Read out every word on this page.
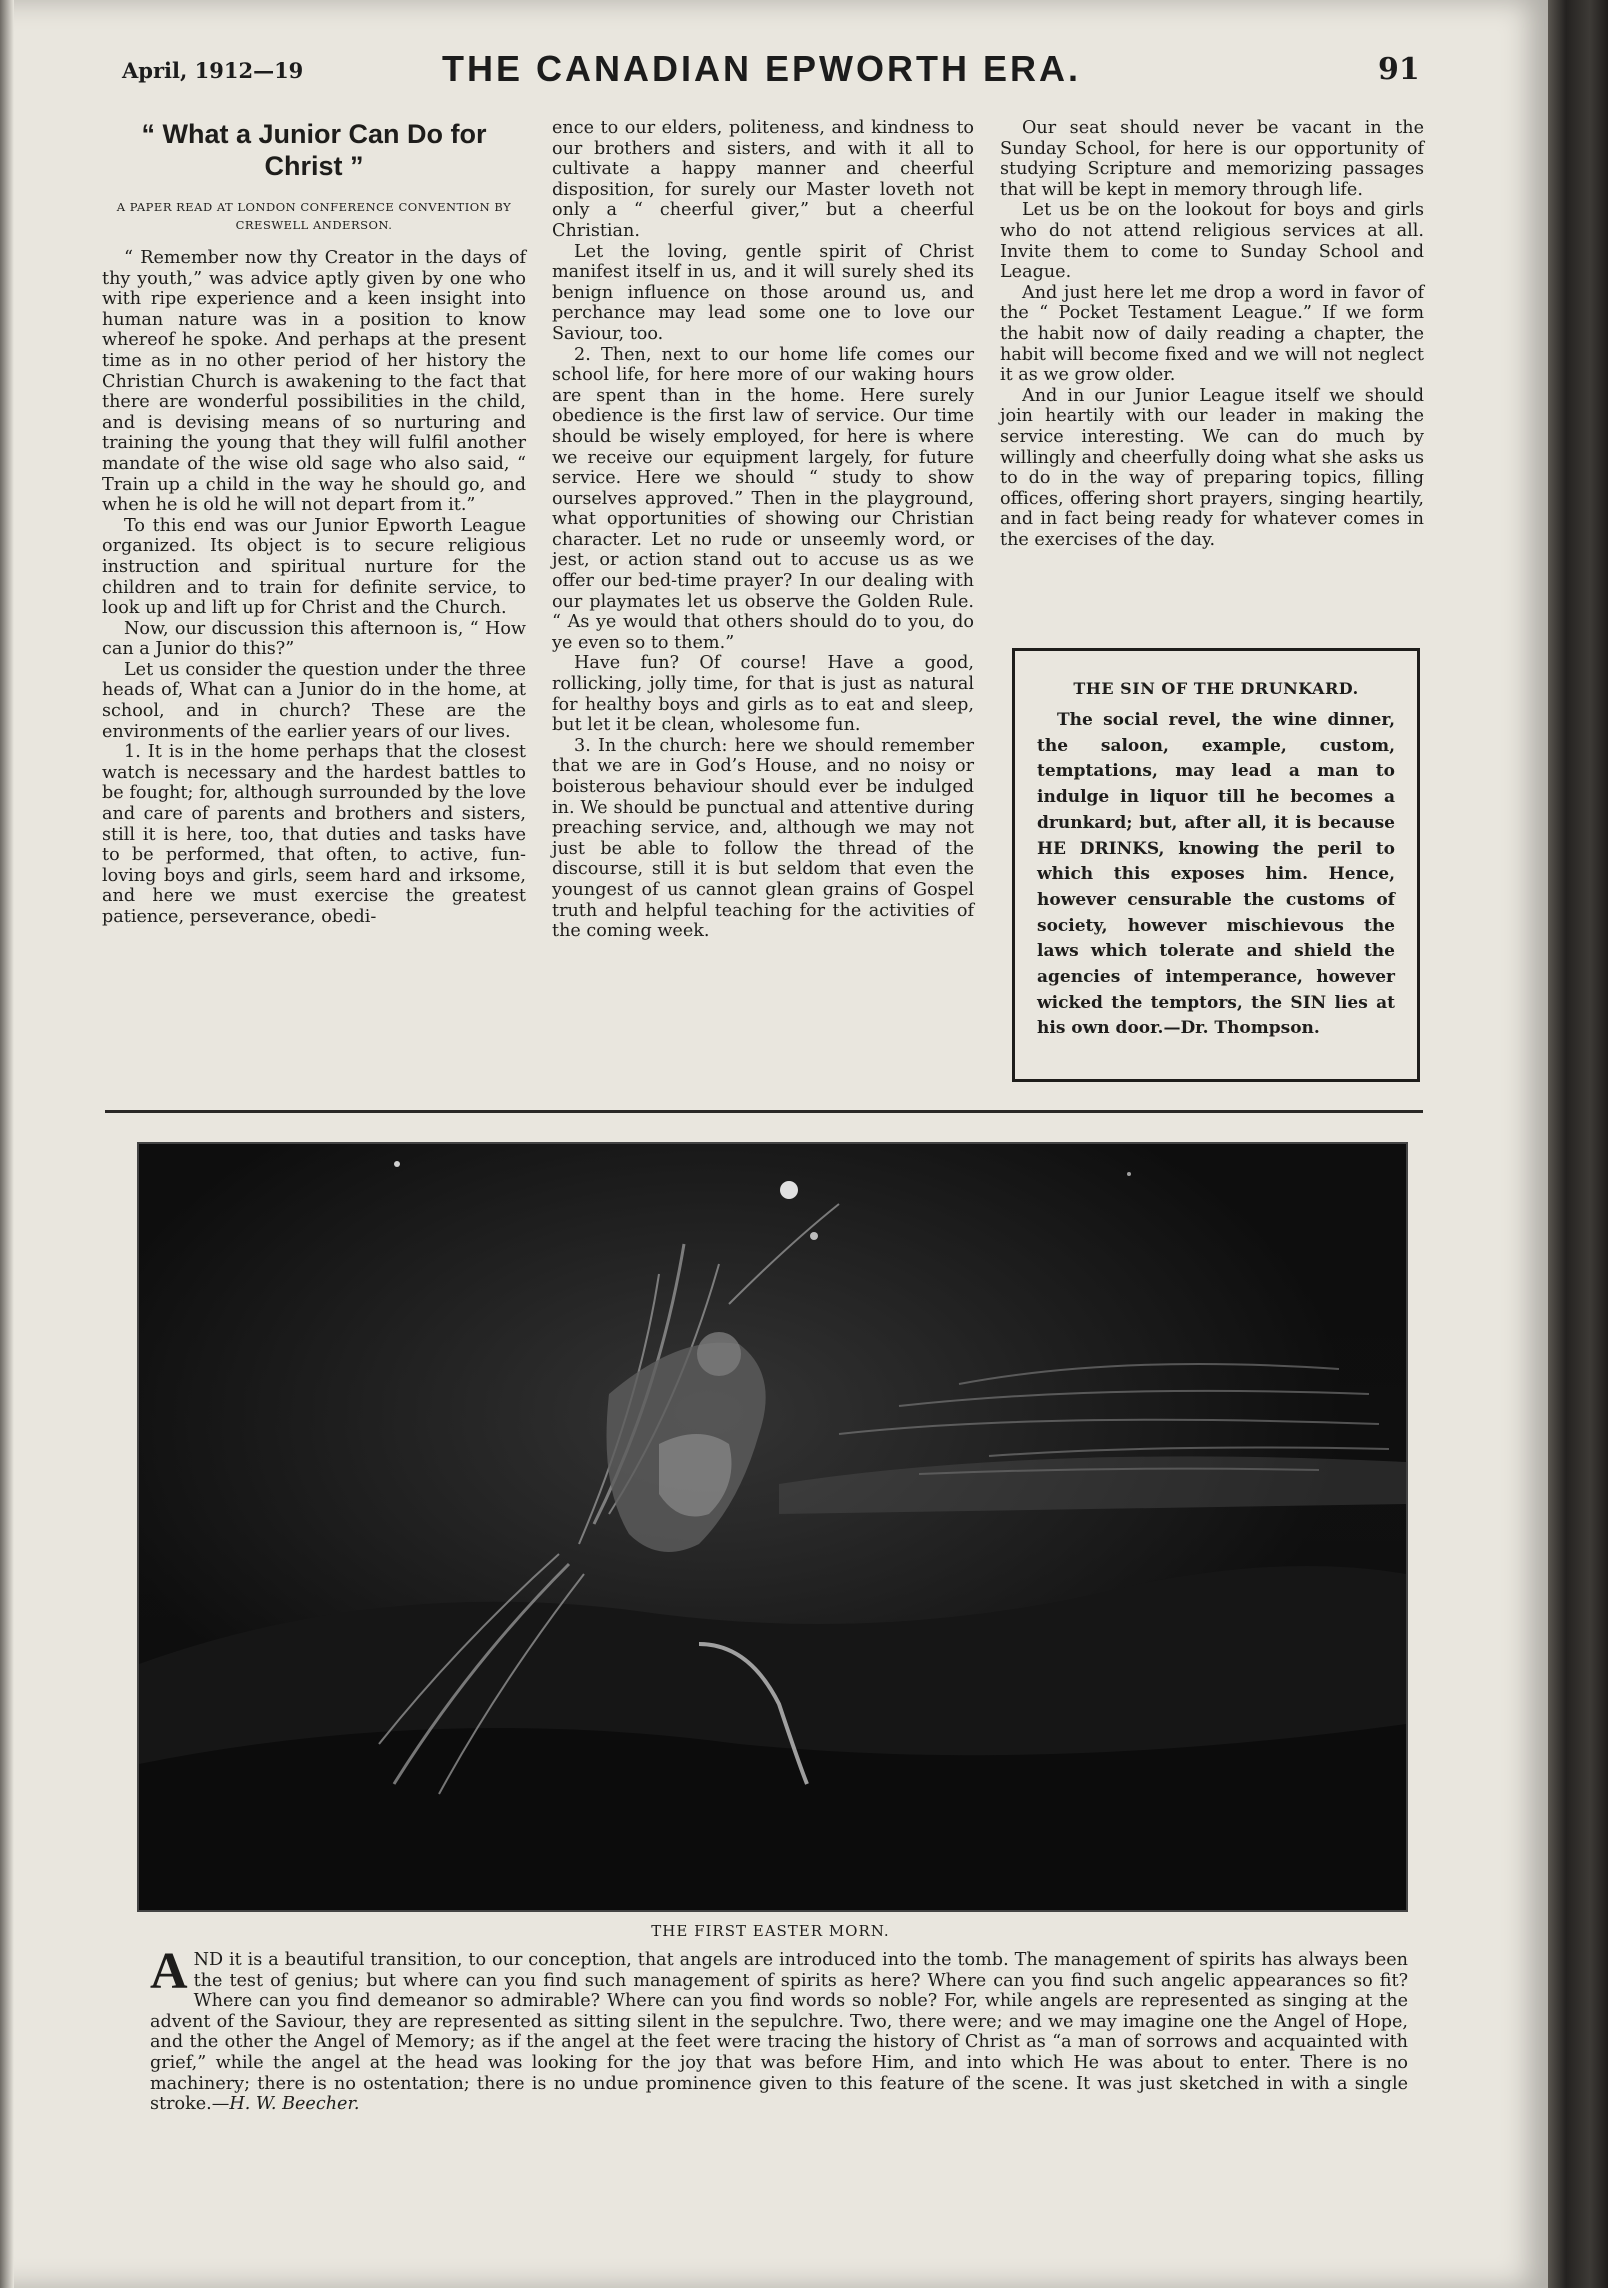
April, 1912—19	THE CANADIAN EPWORTH ERA.	91
“ What a Junior Can Do for Christ ”
A PAPER READ AT LONDON CONFERENCE CONVENTION BY CRESWELL ANDERSON.

“ Remember now thy Creator in the days of thy youth,” was advice aptly given by one who with ripe experience and a keen insight into human nature was in a position to know whereof he spoke. And perhaps at the present time as in no other period of her history the Christian Church is awakening to the fact that there are wonderful possibilities in the child, and is devising means of so nurturing and training the young that they will fulfil another mandate of the wise old sage who also said, “ Train up a child in the way he should go, and when he is old he will not depart from it.”

To this end was our Junior Epworth League organized. Its object is to secure religious instruction and spiritual nurture for the children and to train for definite service, to look up and lift up for Christ and the Church.

Now, our discussion this afternoon is, “ How can a Junior do this?”

Let us consider the question under the three heads of, What can a Junior do in the home, at school, and in church? These are the environments of the earlier years of our lives.

1. It is in the home perhaps that the closest watch is necessary and the hardest battles to be fought; for, although surrounded by the love and care of parents and brothers and sisters, still it is here, too, that duties and tasks have to be performed, that often, to active, fun-loving boys and girls, seem hard and irksome, and here we must exercise the greatest patience, perseverance, obedi-

ence to our elders, politeness, and kindness to our brothers and sisters, and with it all to cultivate a happy manner and cheerful disposition, for surely our Master loveth not only a “ cheerful giver,” but a cheerful Christian.

Let the loving, gentle spirit of Christ manifest itself in us, and it will surely shed its benign influence on those around us, and perchance may lead some one to love our Saviour, too.

2. Then, next to our home life comes our school life, for here more of our waking hours are spent than in the home. Here surely obedience is the first law of service. Our time should be wisely employed, for here is where we receive our equipment largely, for future service. Here we should “ study to show ourselves approved.” Then in the playground, what opportunities of showing our Christian character. Let no rude or unseemly word, or jest, or action stand out to accuse us as we offer our bed-time prayer? In our dealing with our playmates let us observe the Golden Rule. “ As ye would that others should do to you, do ye even so to them.”

Have fun? Of course! Have a good, rollicking, jolly time, for that is just as natural for healthy boys and girls as to eat and sleep, but let it be clean, wholesome fun.

3. In the church: here we should remember that we are in God’s House, and no noisy or boisterous behaviour should ever be indulged in. We should be punctual and attentive during preaching service, and, although we may not just be able to follow the thread of the discourse, still it is but seldom that even the youngest of us cannot glean grains of Gospel truth and helpful teaching for the activities of the coming week.

Our seat should never be vacant in the Sunday School, for here is our opportunity of studying Scripture and memorizing passages that will be kept in memory through life.

Let us be on the lookout for boys and girls who do not attend religious services at all. Invite them to come to Sunday School and League.

And just here let me drop a word in favor of the “ Pocket Testament League.” If we form the habit now of daily reading a chapter, the habit will become fixed and we will not neglect it as we grow older.

And in our Junior League itself we should join heartily with our leader in making the service interesting. We can do much by willingly and cheerfully doing what she asks us to do in the way of preparing topics, filling offices, offering short prayers, singing heartily, and in fact being ready for whatever comes in the exercises of the day.

THE SIN OF THE DRUNKARD.
The social revel, the wine dinner, the saloon, example, custom, temptations, may lead a man to indulge in liquor till he becomes a drunkard; but, after all, it is because HE DRINKS, knowing the peril to which this exposes him. Hence, however censurable the customs of society, however mischievous the laws which tolerate and shield the agencies of intemperance, however wicked the temptors, the SIN lies at his own door.—Dr. Thompson.
THE FIRST EASTER MORN.
AND it is a beautiful transition, to our conception, that angels are introduced into the tomb. The management of spirits has always been the test of genius; but where can you find such management of spirits as here? Where can you find such angelic appearances so fit? Where can you find demeanor so admirable? Where can you find words so noble? For, while angels are represented as singing at the advent of the Saviour, they are represented as sitting silent in the sepulchre. Two, there were; and we may imagine one the Angel of Hope, and the other the Angel of Memory; as if the angel at the feet were tracing the history of Christ as “a man of sorrows and acquainted with grief,” while the angel at the head was looking for the joy that was before Him, and into which He was about to enter. There is no machinery; there is no ostentation; there is no undue prominence given to this feature of the scene. It was just sketched in with a single stroke.—H. W. Beecher.
